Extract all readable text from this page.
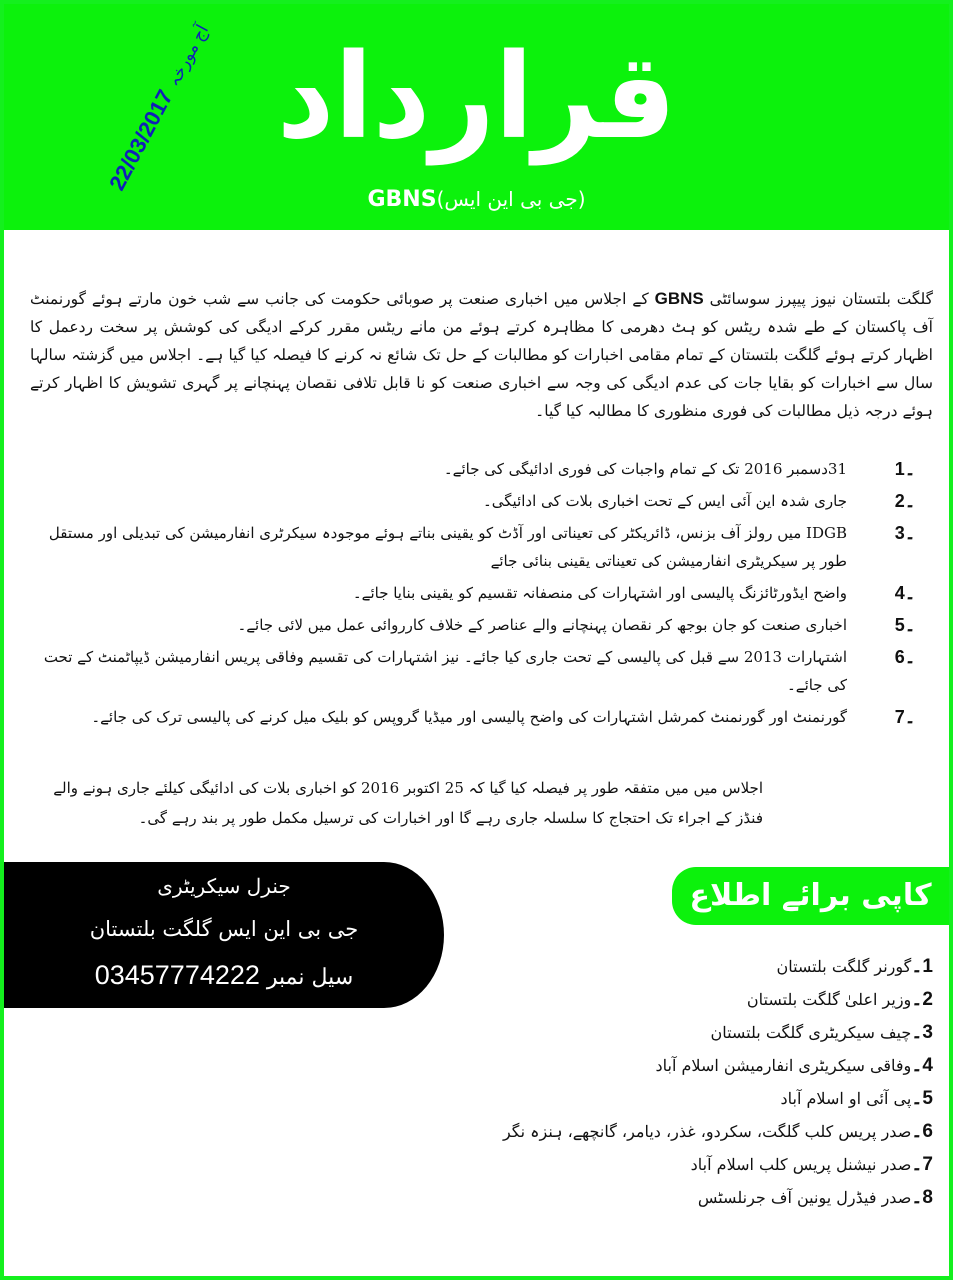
22/03/2017آج مورخہ قرارداد
GBNS(جی بی این ایس)
گلگت بلتستان نیوز پیپرز سوسائٹی GBNS کے اجلاس میں اخباری صنعت پر صوبائی حکومت کی جانب سے شب خون مارتے ہوئے گورنمنٹ آف پاکستان کے طے شدہ ریٹس کو ہٹ دھرمی کا مظاہرہ کرتے ہوئے من مانے ریٹس مقرر کرکے ادیگی کی کوشش پر سخت ردعمل کا اظہار کرتے ہوئے گلگت بلتستان کے تمام مقامی اخبارات کو مطالبات کے حل تک شائع نہ کرنے کا فیصلہ کیا گیا ہے۔ اجلاس میں گزشتہ سالہا سال سے اخبارات کو بقایا جات کی عدم ادیگی کی وجہ سے اخباری صنعت کو نا قابل تلافی نقصان پہنچانے پر گہری تشویش کا اظہار کرتے ہوئے درجہ ذیل مطالبات کی فوری منظوری کا مطالبہ کیا گیا۔
1۔
31دسمبر 2016 تک کے تمام واجبات کی فوری ادائیگی کی جائے۔
2۔
جاری شدہ این آئی ایس کے تحت اخباری بلات کی ادائیگی۔
3۔
IDGB میں رولز آف بزنس، ڈائریکٹر کی تعیناتی اور آڈٹ کو یقینی بناتے ہوئے موجودہ سیکرٹری انفارمیشن کی تبدیلی اور مستقل طور پر سیکریٹری انفارمیشن کی تعیناتی یقینی بنائی جائے
4۔
واضح ایڈورٹائزنگ پالیسی اور اشتہارات کی منصفانہ تقسیم کو یقینی بنایا جائے۔
5۔
اخباری صنعت کو جان بوجھ کر نقصان پہنچانے والے عناصر کے خلاف کارروائی عمل میں لائی جائے۔
6۔
اشتہارات 2013 سے قبل کی پالیسی کے تحت جاری کیا جائے۔ نیز اشتہارات کی تقسیم وفاقی پریس انفارمیشن ڈیپاٹمنٹ کے تحت کی جائے۔
7۔
گورنمنٹ اور گورنمنٹ کمرشل اشتہارات کی واضح پالیسی اور میڈیا گروپس کو بلیک میل کرنے کی پالیسی ترک کی جائے۔
اجلاس میں میں متفقہ طور پر فیصلہ کیا گیا کہ 25 اکتوبر 2016 کو اخباری بلات کی ادائیگی کیلئے جاری ہونے والے فنڈز کے اجراء تک احتجاج کا سلسلہ جاری رہے گا اور اخبارات کی ترسیل مکمل طور پر بند رہے گی۔
جنرل سیکریٹری
جی بی این ایس گلگت بلتستان
سیل نمبر 03457774222
کاپی برائے اطلاع
1۔گورنر گلگت بلتستان
2۔وزیر اعلیٰ گلگت بلتستان
3۔چیف سیکریٹری گلگت بلتستان
4۔وفاقی سیکریٹری انفارمیشن اسلام آباد
5۔پی آئی او اسلام آباد
6۔صدر پریس کلب گلگت، سکردو، غذر، دیامر، گانچھے، ہنزہ نگر
7۔صدر نیشنل پریس کلب اسلام آباد
8۔صدر فیڈرل یونین آف جرنلسٹس
